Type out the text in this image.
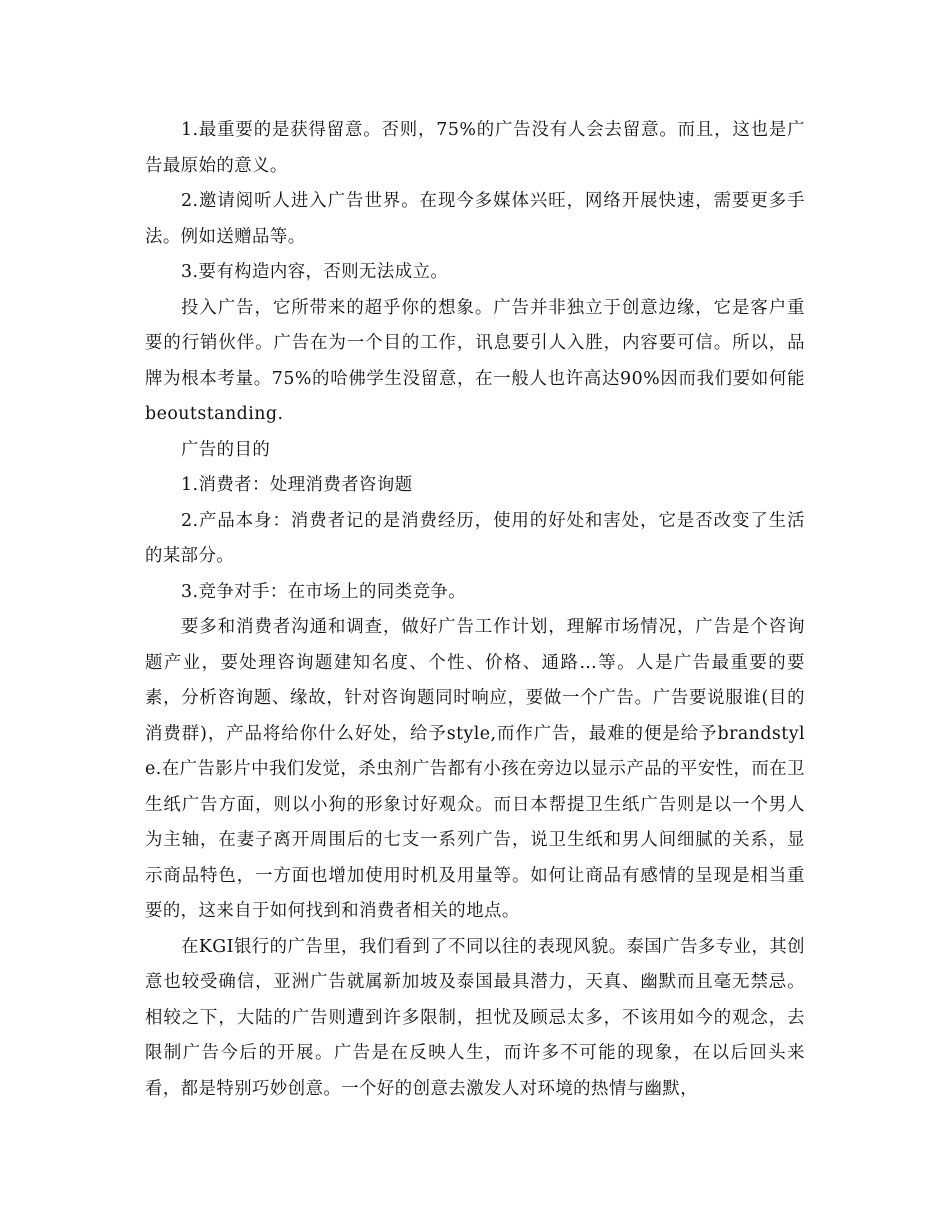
1.最重要的是获得留意。否则，75%的广告没有人会去留意。而且，这也是广告最原始的意义。

2.邀请阅听人进入广告世界。在现今多媒体兴旺，网络开展快速，需要更多手法。例如送赠品等。

3.要有构造内容，否则无法成立。

投入广告，它所带来的超乎你的想象。广告并非独立于创意边缘，它是客户重要的行销伙伴。广告在为一个目的工作，讯息要引人入胜，内容要可信。所以，品牌为根本考量。75%的哈佛学生没留意，在一般人也许高达90%因而我们要如何能beoutstanding.

广告的目的

1.消费者：处理消费者咨询题

2.产品本身：消费者记的是消费经历，使用的好处和害处，它是否改变了生活的某部分。

3.竞争对手：在市场上的同类竞争。

要多和消费者沟通和调查，做好广告工作计划，理解市场情况，广告是个咨询题产业，要处理咨询题建知名度、个性、价格、通路…等。人是广告最重要的要素，分析咨询题、缘故，针对咨询题同时响应，要做一个广告。广告要说服谁(目的消费群)，产品将给你什么好处，给予style,而作广告，最难的便是给予brandstyle.在广告影片中我们发觉，杀虫剂广告都有小孩在旁边以显示产品的平安性，而在卫生纸广告方面，则以小狗的形象讨好观众。而日本帮提卫生纸广告则是以一个男人为主轴，在妻子离开周围后的七支一系列广告，说卫生纸和男人间细腻的关系，显示商品特色，一方面也增加使用时机及用量等。如何让商品有感情的呈现是相当重要的，这来自于如何找到和消费者相关的地点。

在KGI银行的广告里，我们看到了不同以往的表现风貌。泰国广告多专业，其创意也较受确信，亚洲广告就属新加坡及泰国最具潜力，天真、幽默而且毫无禁忌。相较之下，大陆的广告则遭到许多限制，担忧及顾忌太多，不该用如今的观念，去限制广告今后的开展。广告是在反映人生，而许多不可能的现象，在以后回头来看，都是特别巧妙创意。一个好的创意去激发人对环境的热情与幽默，
